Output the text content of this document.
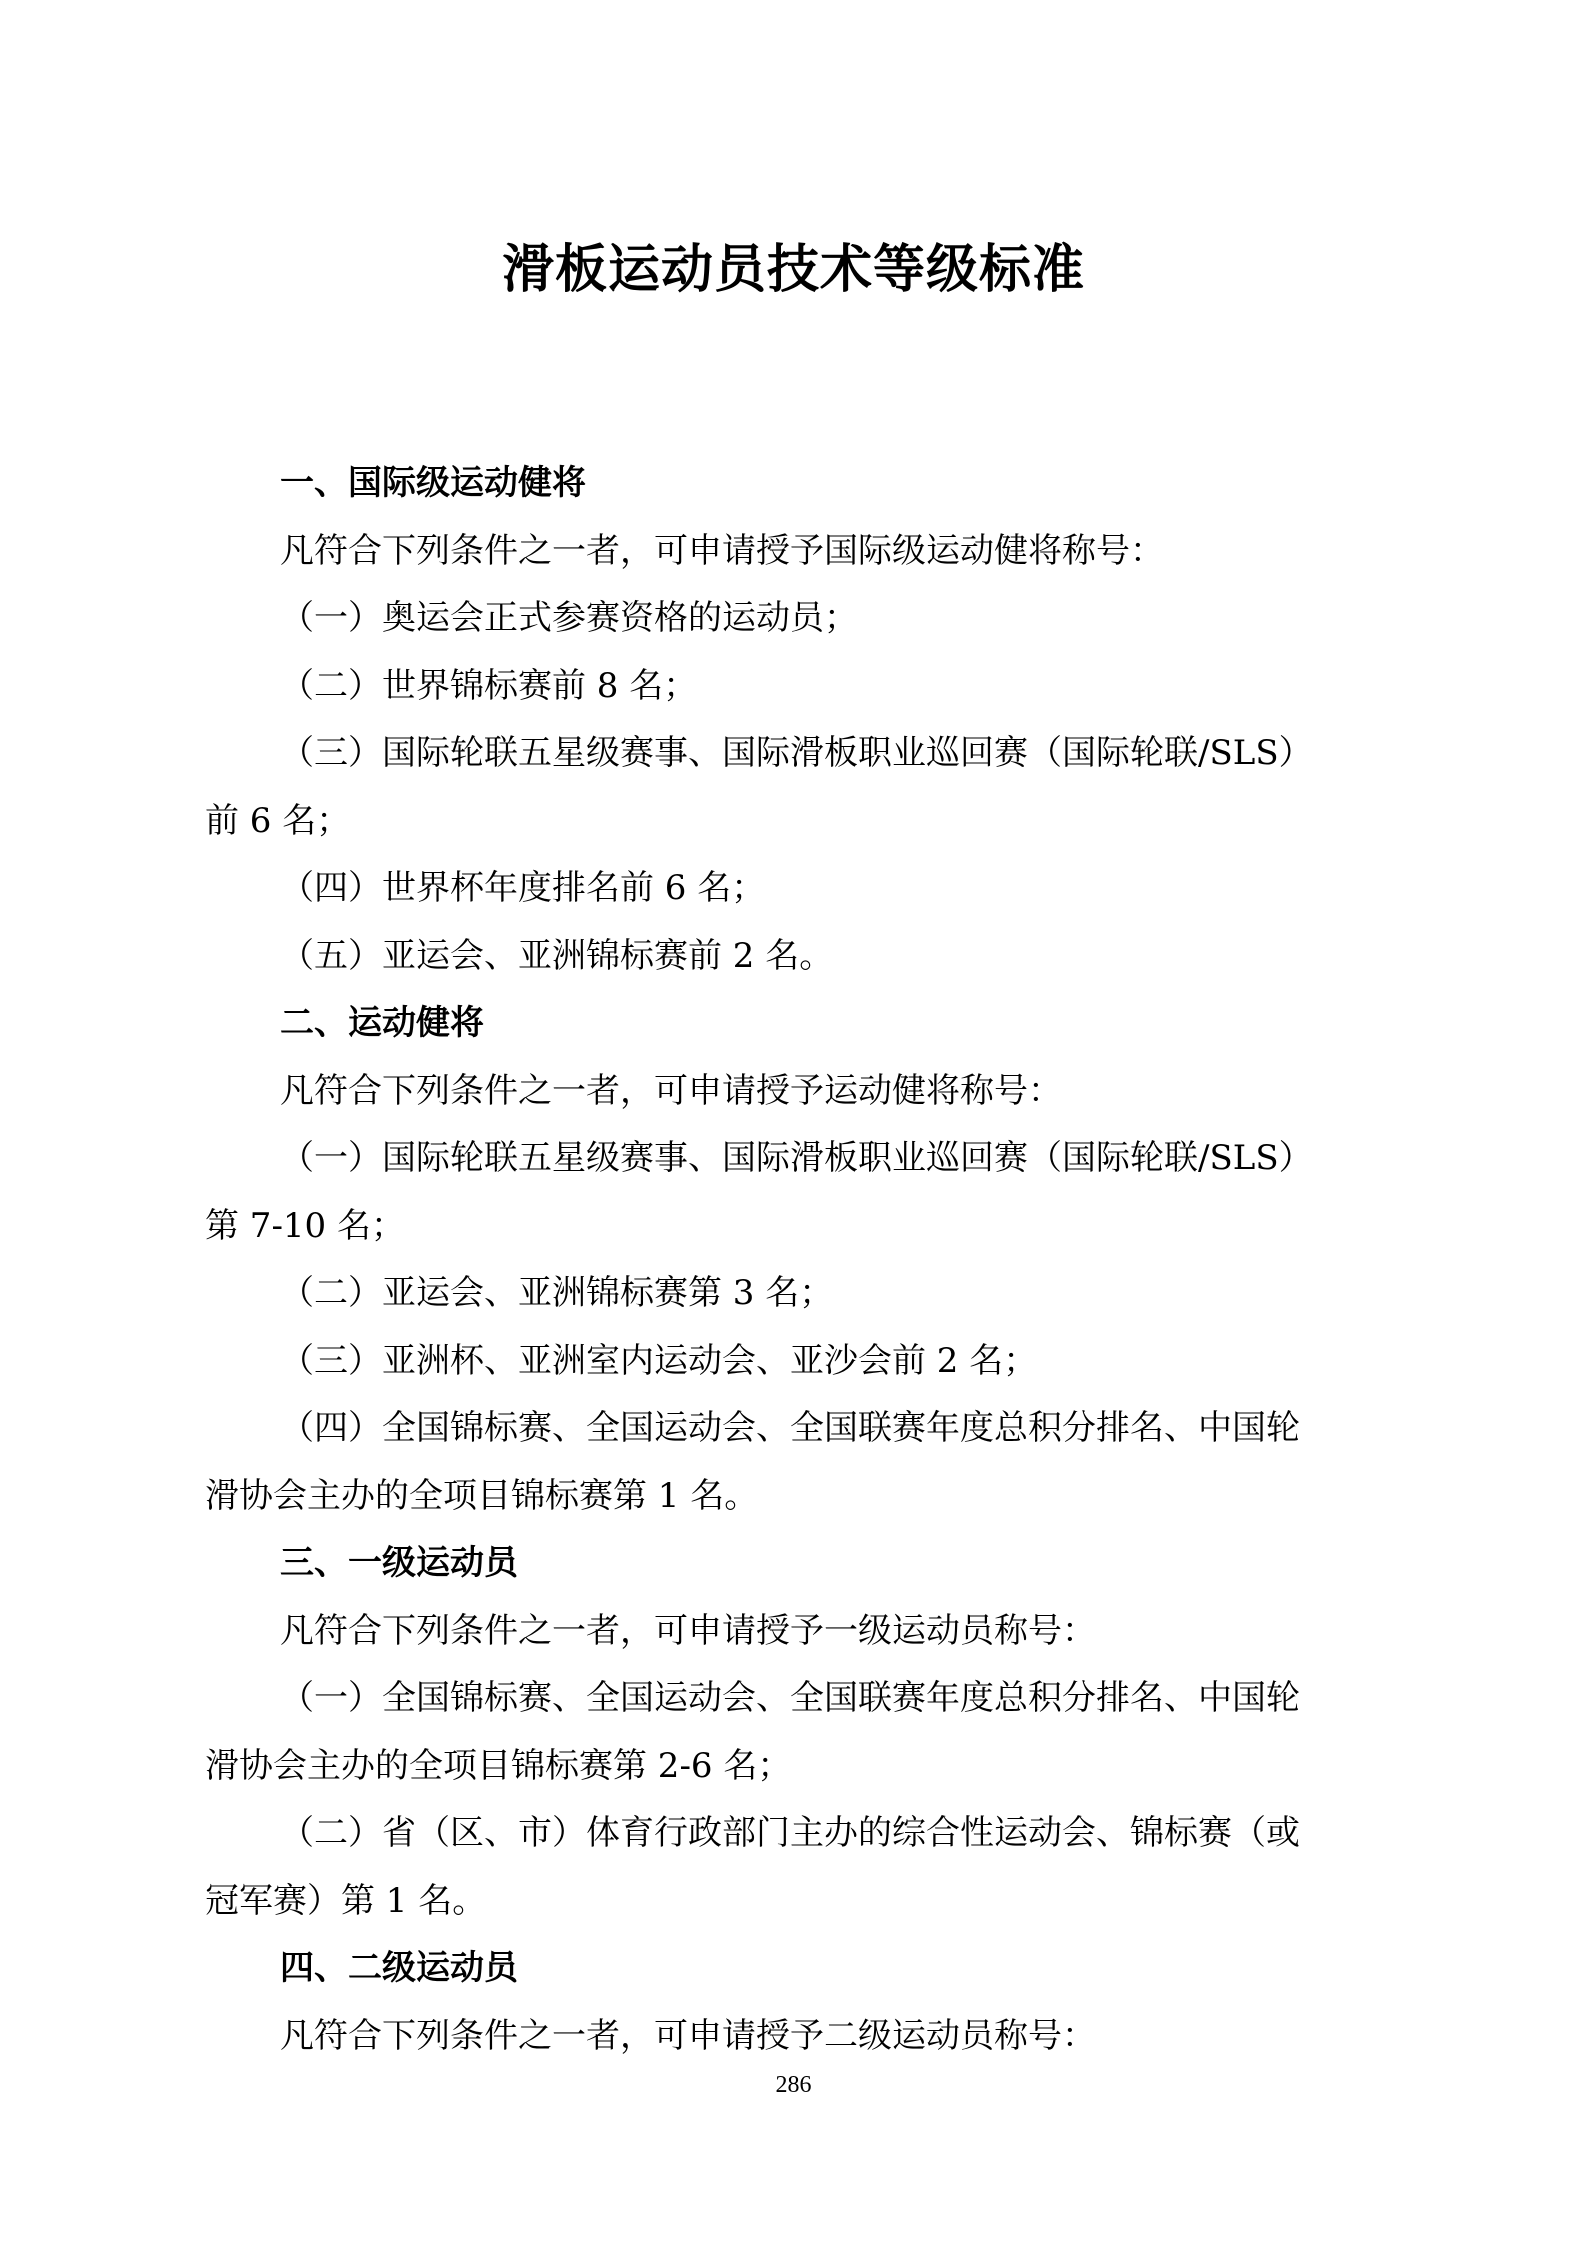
滑板运动员技术等级标准
一、国际级运动健将
凡符合下列条件之一者，可申请授予国际级运动健将称号：
（一）奥运会正式参赛资格的运动员；
（二）世界锦标赛前 8 名；
（三）国际轮联五星级赛事、国际滑板职业巡回赛（国际轮联/SLS）
前 6 名；
（四）世界杯年度排名前 6 名；
（五）亚运会、亚洲锦标赛前 2 名。
二、运动健将
凡符合下列条件之一者，可申请授予运动健将称号：
（一）国际轮联五星级赛事、国际滑板职业巡回赛（国际轮联/SLS）
第 7-10 名；
（二）亚运会、亚洲锦标赛第 3 名；
（三）亚洲杯、亚洲室内运动会、亚沙会前 2 名；
（四）全国锦标赛、全国运动会、全国联赛年度总积分排名、中国轮
滑协会主办的全项目锦标赛第 1 名。
三、一级运动员
凡符合下列条件之一者，可申请授予一级运动员称号：
（一）全国锦标赛、全国运动会、全国联赛年度总积分排名、中国轮
滑协会主办的全项目锦标赛第 2-6 名；
（二）省（区、市）体育行政部门主办的综合性运动会、锦标赛（或
冠军赛）第 1 名。
四、二级运动员
凡符合下列条件之一者，可申请授予二级运动员称号：
286
